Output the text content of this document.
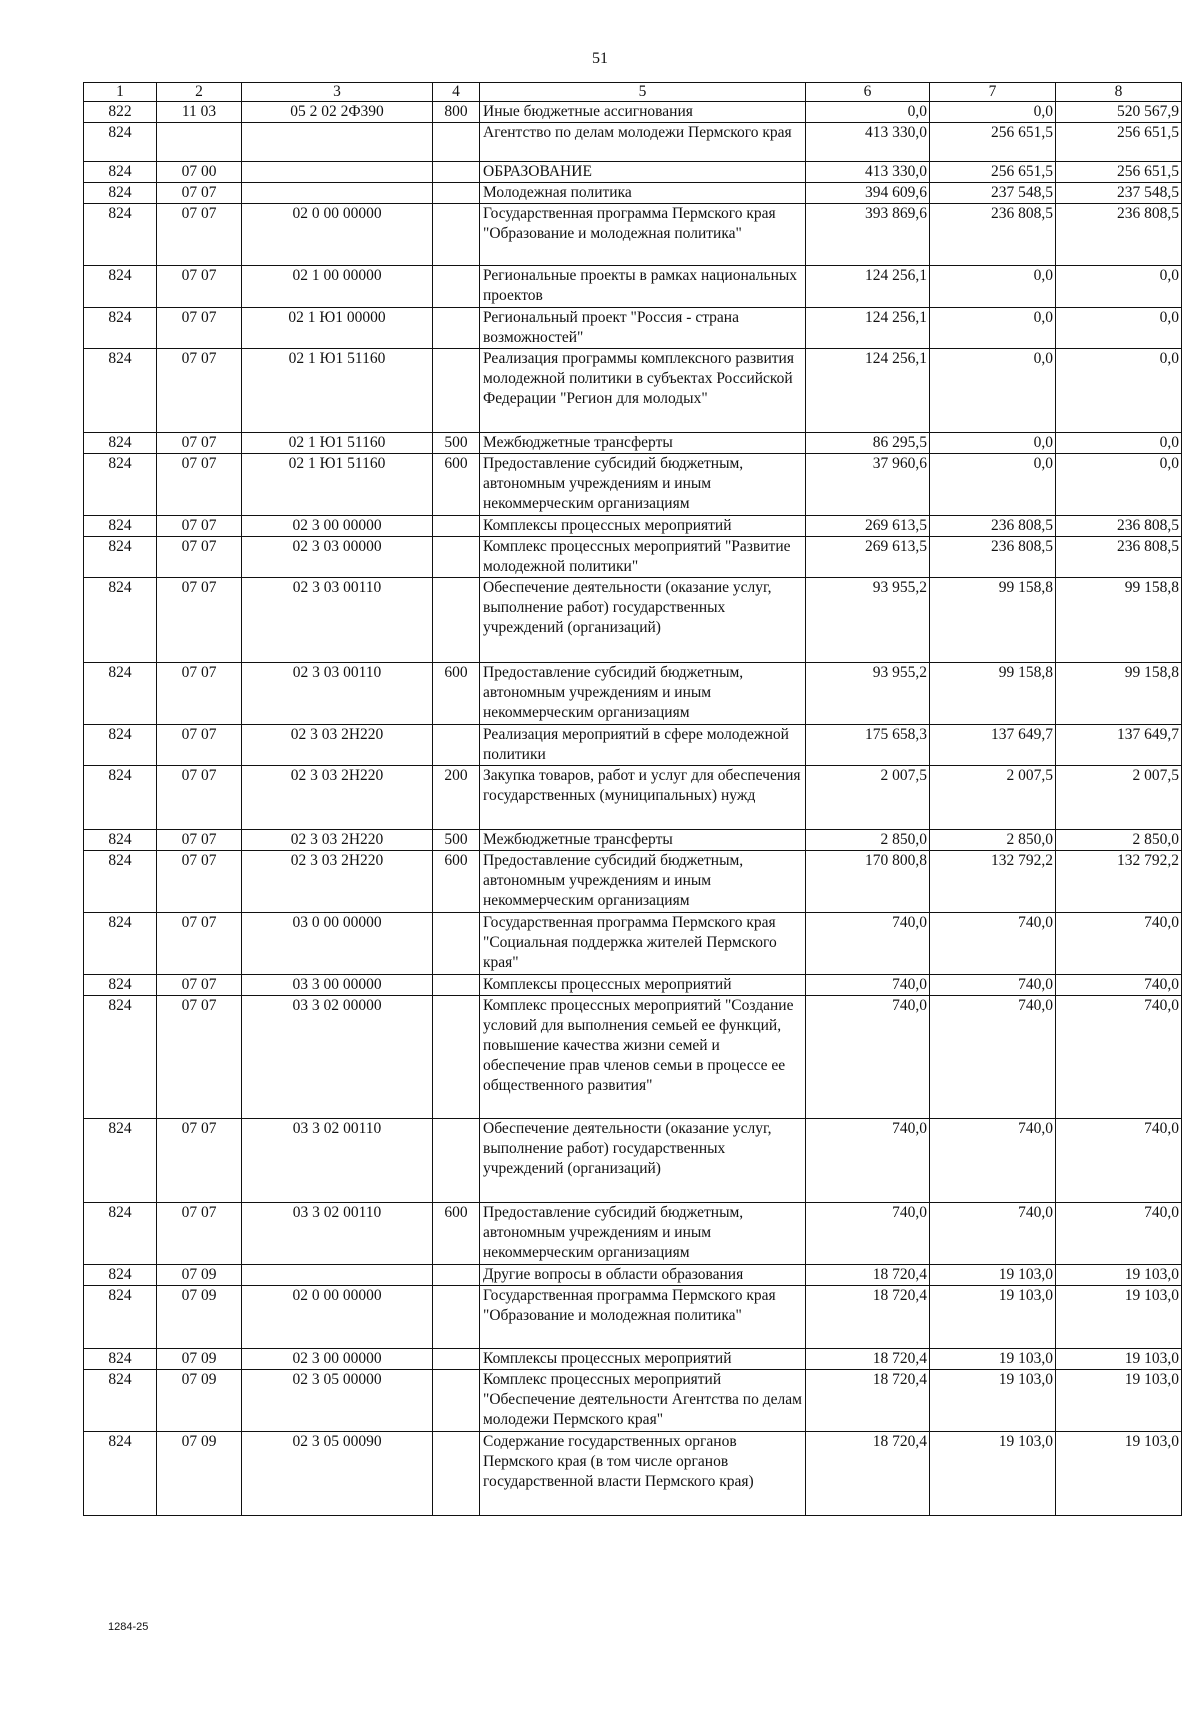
51
1	2	3	4	5	6	7	8
822	11 03	05 2 02 2Ф390	800	Иные бюджетные ассигнования	0,0	0,0	520 567,9
824				Агентство по делам молодежи Пермского края	413 330,0	256 651,5	256 651,5
824	07 00			ОБРАЗОВАНИЕ	413 330,0	256 651,5	256 651,5
824	07 07			Молодежная политика	394 609,6	237 548,5	237 548,5
824	07 07	02 0 00 00000		Государственная программа Пермского края "Образование и молодежная политика"	393 869,6	236 808,5	236 808,5
824	07 07	02 1 00 00000		Региональные проекты в рамках национальных проектов	124 256,1	0,0	0,0
824	07 07	02 1 Ю1 00000		Региональный проект "Россия - страна возможностей"	124 256,1	0,0	0,0
824	07 07	02 1 Ю1 51160		Реализация программы комплексного развития молодежной политики в субъектах Российской Федерации "Регион для молодых"	124 256,1	0,0	0,0
824	07 07	02 1 Ю1 51160	500	Межбюджетные трансферты	86 295,5	0,0	0,0
824	07 07	02 1 Ю1 51160	600	Предоставление субсидий бюджетным, автономным учреждениям и иным некоммерческим организациям	37 960,6	0,0	0,0
824	07 07	02 3 00 00000		Комплексы процессных мероприятий	269 613,5	236 808,5	236 808,5
824	07 07	02 3 03 00000		Комплекс процессных мероприятий "Развитие молодежной политики"	269 613,5	236 808,5	236 808,5
824	07 07	02 3 03 00110		Обеспечение деятельности (оказание услуг, выполнение работ) государственных учреждений (организаций)	93 955,2	99 158,8	99 158,8
824	07 07	02 3 03 00110	600	Предоставление субсидий бюджетным, автономным учреждениям и иным некоммерческим организациям	93 955,2	99 158,8	99 158,8
824	07 07	02 3 03 2Н220		Реализация мероприятий в сфере молодежной политики	175 658,3	137 649,7	137 649,7
824	07 07	02 3 03 2Н220	200	Закупка товаров, работ и услуг для обеспечения государственных (муниципальных) нужд	2 007,5	2 007,5	2 007,5
824	07 07	02 3 03 2Н220	500	Межбюджетные трансферты	2 850,0	2 850,0	2 850,0
824	07 07	02 3 03 2Н220	600	Предоставление субсидий бюджетным, автономным учреждениям и иным некоммерческим организациям	170 800,8	132 792,2	132 792,2
824	07 07	03 0 00 00000		Государственная программа Пермского края "Социальная поддержка жителей Пермского края"	740,0	740,0	740,0
824	07 07	03 3 00 00000		Комплексы процессных мероприятий	740,0	740,0	740,0
824	07 07	03 3 02 00000		Комплекс процессных мероприятий "Создание условий для выполнения семьей ее функций, повышение качества жизни семей и обеспечение прав членов семьи в процессе ее общественного развития"	740,0	740,0	740,0
824	07 07	03 3 02 00110		Обеспечение деятельности (оказание услуг, выполнение работ) государственных учреждений (организаций)	740,0	740,0	740,0
824	07 07	03 3 02 00110	600	Предоставление субсидий бюджетным, автономным учреждениям и иным некоммерческим организациям	740,0	740,0	740,0
824	07 09			Другие вопросы в области образования	18 720,4	19 103,0	19 103,0
824	07 09	02 0 00 00000		Государственная программа Пермского края "Образование и молодежная политика"	18 720,4	19 103,0	19 103,0
824	07 09	02 3 00 00000		Комплексы процессных мероприятий	18 720,4	19 103,0	19 103,0
824	07 09	02 3 05 00000		Комплекс процессных мероприятий "Обеспечение деятельности Агентства по делам молодежи Пермского края"	18 720,4	19 103,0	19 103,0
824	07 09	02 3 05 00090		Содержание государственных органов Пермского края (в том числе органов государственной власти Пермского края)	18 720,4	19 103,0	19 103,0
1284-25
